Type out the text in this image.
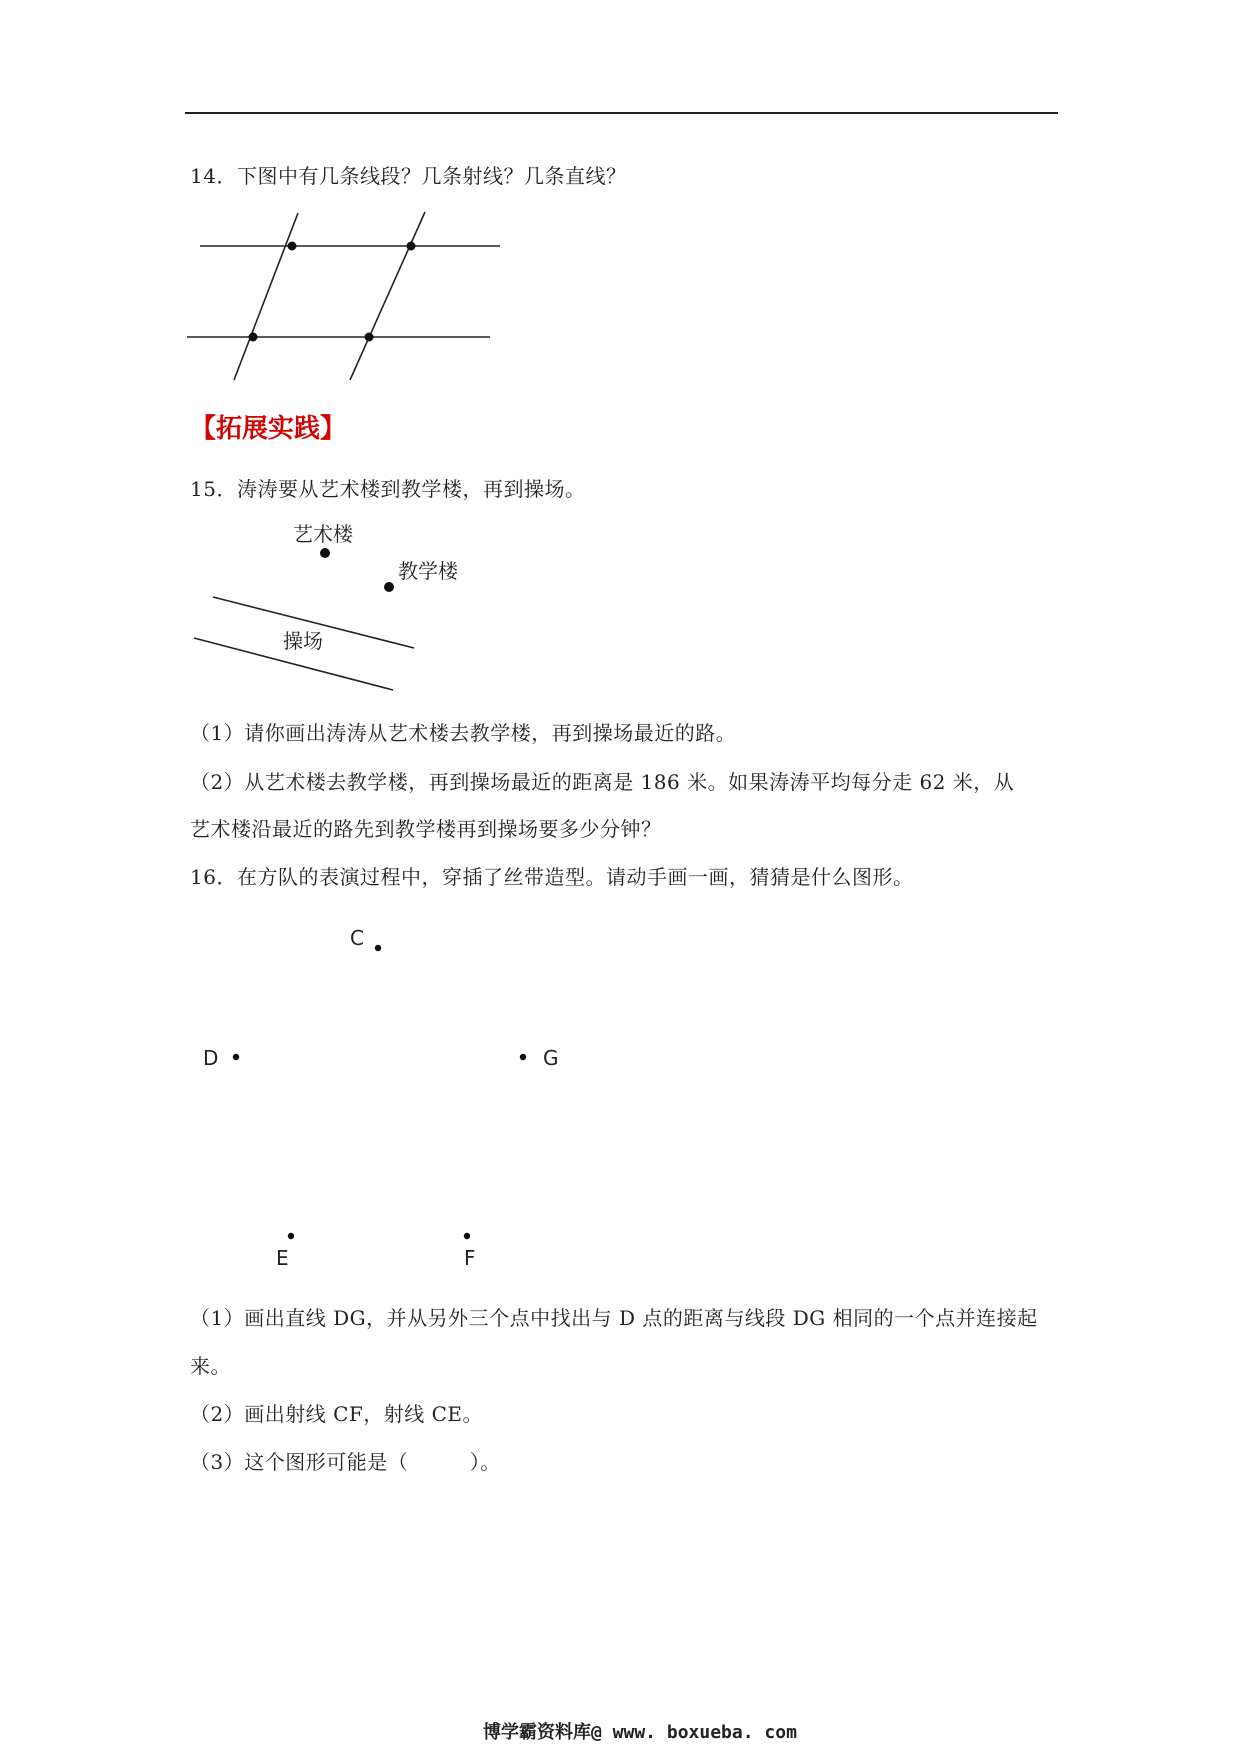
14．下图中有几条线段？几条射线？几条直线？
艺术楼
教学楼
操场
C
D	G
E	F
【拓展实践】
15．涛涛要从艺术楼到教学楼，再到操场。
（1）请你画出涛涛从艺术楼去教学楼，再到操场最近的路。
（2）从艺术楼去教学楼，再到操场最近的距离是 186 米。如果涛涛平均每分走 62 米，从
艺术楼沿最近的路先到教学楼再到操场要多少分钟？
16．在方队的表演过程中，穿插了丝带造型。请动手画一画，猜猜是什么图形。
（1）画出直线 DG，并从另外三个点中找出与 D 点的距离与线段 DG 相同的一个点并连接起
来。
（2）画出射线 CF，射线 CE。
（3）这个图形可能是（　　　）。
博学霸资料库@ www. boxueba. com
